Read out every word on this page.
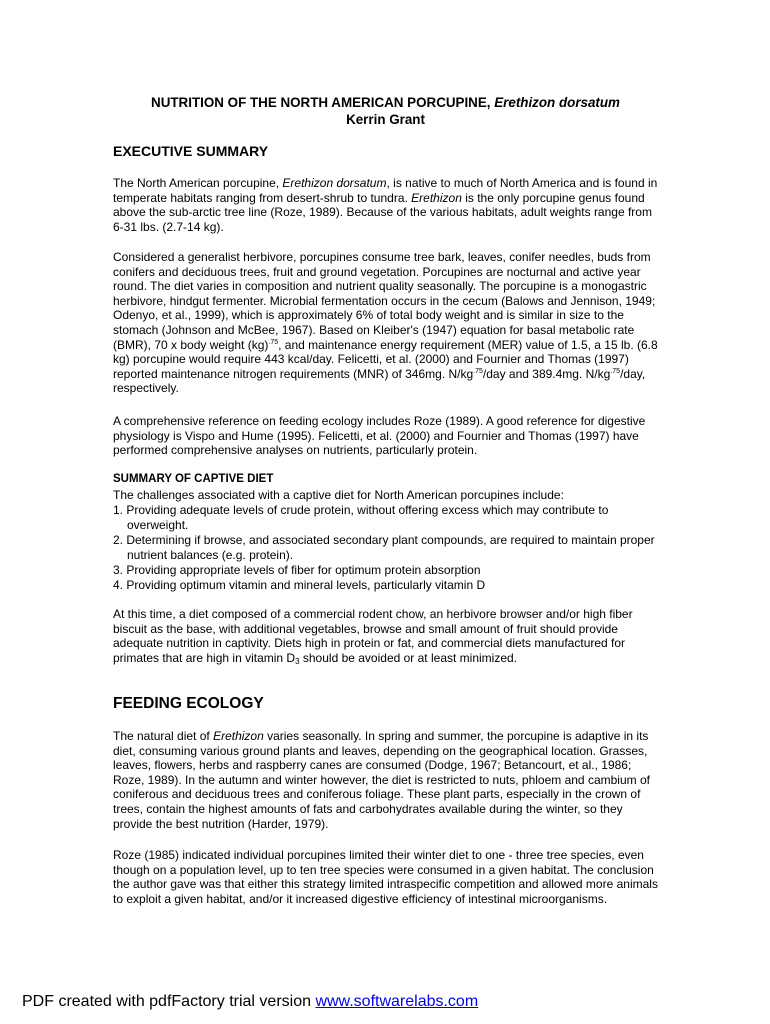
NUTRITION OF THE NORTH AMERICAN PORCUPINE, Erethizon dorsatum
Kerrin Grant
EXECUTIVE SUMMARY
The North American porcupine, Erethizon dorsatum, is native to much of North America and is found in temperate habitats ranging from desert-shrub to tundra. Erethizon is the only porcupine genus found above the sub-arctic tree line (Roze, 1989). Because of the various habitats, adult weights range from 6-31 lbs. (2.7-14 kg).
Considered a generalist herbivore, porcupines consume tree bark, leaves, conifer needles, buds from conifers and deciduous trees, fruit and ground vegetation. Porcupines are nocturnal and active year round. The diet varies in composition and nutrient quality seasonally. The porcupine is a monogastric herbivore, hindgut fermenter. Microbial fermentation occurs in the cecum (Balows and Jennison, 1949; Odenyo, et al., 1999), which is approximately 6% of total body weight and is similar in size to the stomach (Johnson and McBee, 1967). Based on Kleiber's (1947) equation for basal metabolic rate (BMR), 70 x body weight (kg)$^{.75}$, and maintenance energy requirement (MER) value of 1.5, a 15 lb. (6.8 kg) porcupine would require 443 kcal/day. Felicetti, et al. (2000) and Fournier and Thomas (1997) reported maintenance nitrogen requirements (MNR) of 346mg. $N/kg^{.75}$/day and 389.4mg. $N/kg^{.75}$/day, respectively.
A comprehensive reference on feeding ecology includes Roze (1989). A good reference for digestive physiology is Vispo and Hume (1995). Felicetti, et al. (2000) and Fournier and Thomas (1997) have performed comprehensive analyses on nutrients, particularly protein.
SUMMARY OF CAPTIVE DIET
The challenges associated with a captive diet for North American porcupines include:
1. Providing adequate levels of crude protein, without offering excess which may contribute to overweight.
2. Determining if browse, and associated secondary plant compounds, are required to maintain proper nutrient balances (e.g. protein).
3. Providing appropriate levels of fiber for optimum protein absorption
4. Providing optimum vitamin and mineral levels, particularly vitamin D
At this time, a diet composed of a commercial rodent chow, an herbivore browser and/or high fiber biscuit as the base, with additional vegetables, browse and small amount of fruit should provide adequate nutrition in captivity. Diets high in protein or fat, and commercial diets manufactured for primates that are high in vitamin $D_3$ should be avoided or at least minimized.
FEEDING ECOLOGY
The natural diet of Erethizon varies seasonally. In spring and summer, the porcupine is adaptive in its diet, consuming various ground plants and leaves, depending on the geographical location. Grasses, leaves, flowers, herbs and raspberry canes are consumed (Dodge, 1967; Betancourt, et al., 1986; Roze, 1989). In the autumn and winter however, the diet is restricted to nuts, phloem and cambium of coniferous and deciduous trees and coniferous foliage. These plant parts, especially in the crown of trees, contain the highest amounts of fats and carbohydrates available during the winter, so they provide the best nutrition (Harder, 1979).
Roze (1985) indicated individual porcupines limited their winter diet to one - three tree species, even though on a population level, up to ten tree species were consumed in a given habitat. The conclusion the author gave was that either this strategy limited intraspecific competition and allowed more animals to exploit a given habitat, and/or it increased digestive efficiency of intestinal microorganisms.
PDF created with pdfFactory trial version www.softwarelabs.com
